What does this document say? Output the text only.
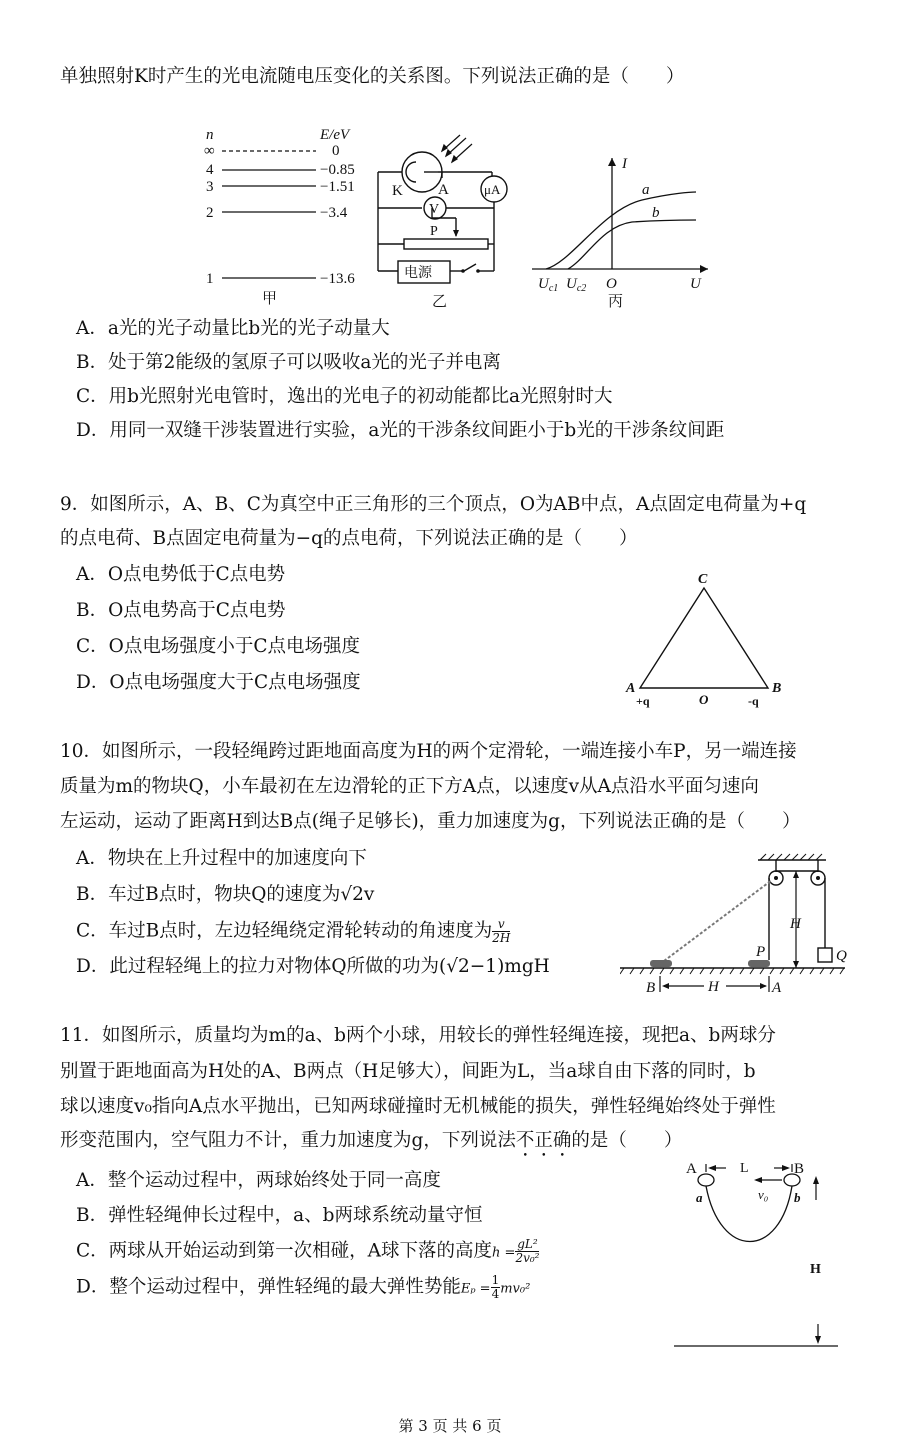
单独照射K时产生的光电流随电压变化的关系图。下列说法正确的是（　　）
n	E/eV
∞	0
4	−0.85
3	−1.51
2	−3.4
1	−13.6
甲
K A	μA
V
P
电源
乙
I
a
b
$U_{c1}$ $U_{c2}$ O	U
丙
A．a光的光子动量比b光的光子动量大
B．处于第2能级的氢原子可以吸收a光的光子并电离
C．用b光照射光电管时，逸出的光电子的初动能都比a光照射时大
D．用同一双缝干涉装置进行实验，a光的干涉条纹间距小于b光的干涉条纹间距
9．如图所示，A、B、C为真空中正三角形的三个顶点，O为AB中点，A点固定电荷量为+q
的点电荷、B点固定电荷量为−q的点电荷，下列说法正确的是（　　）
A．O点电势低于C点电势
B．O点电势高于C点电势
C．O点电场强度小于C点电场强度
D．O点电场强度大于C点电场强度
C
A	B
O
+q	-q
10．如图所示，一段轻绳跨过距地面高度为H的两个定滑轮，一端连接小车P，另一端连接
质量为m的物块Q，小车最初在左边滑轮的正下方A点，以速度v从A点沿水平面匀速向
左运动，运动了距离H到达B点(绳子足够长)，重力加速度为g，下列说法正确的是（　　）
A．物块在上升过程中的加速度向下
B．车过B点时，物块Q的速度为√2v
C．车过B点时，左边轻绳绕定滑轮转动的角速度为 $\frac{v}{2H}$
D．此过程轻绳上的拉力对物体Q所做的功为(√2−1)mgH
H
P	Q
B	A
H
11．如图所示，质量均为m的a、b两个小球，用较长的弹性轻绳连接，现把a、b两球分
别置于距地面高为H处的A、B两点（H足够大），间距为L，当a球自由下落的同时，b
球以速度v₀指向A点水平抛出，已知两球碰撞时无机械能的损失，弹性轻绳始终处于弹性
形变范围内，空气阻力不计，重力加速度为g，下列说法不正确的是（　　）
A．整个运动过程中，两球始终处于同一高度
B．弹性轻绳伸长过程中，a、b两球系统动量守恒
C．两球从开始运动到第一次相碰，A球下落的高度$h = \frac{\text{gL²}}{\text{2v₀²}}$
D．整个运动过程中，弹性轻绳的最大弹性势能$E_p = \frac{1}{4} mv_0^2$
A	B
L
a	b
v₀
H
第 3 页 共 6 页
